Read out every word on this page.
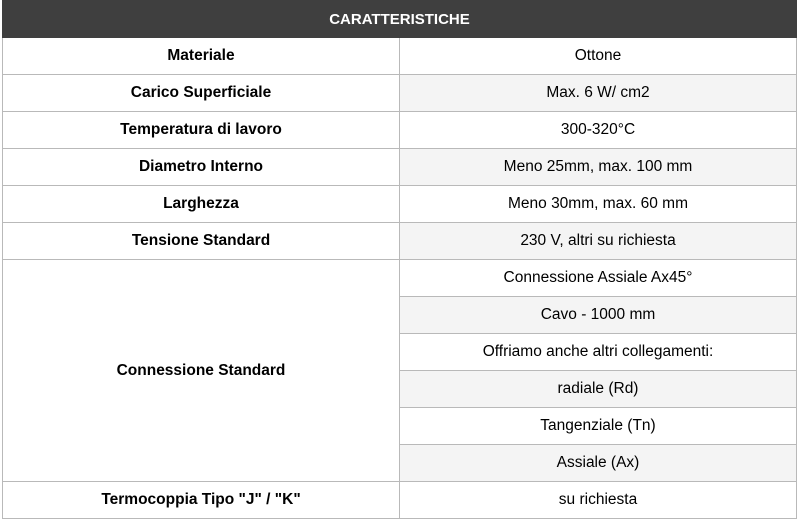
CARATTERISTICHE	
Materiale	Ottone
Carico Superficiale	Max. 6 W/ cm2
Temperatura di lavoro	300-320°C
Diametro Interno	Meno 25mm, max. 100 mm
Larghezza	Meno 30mm, max. 60 mm
Tensione Standard	230 V, altri su richiesta
Connessione Standard	Connessione Assiale Ax45°
	Cavo - 1000 mm
	Offriamo anche altri collegamenti:
	radiale (Rd)
	Tangenziale (Tn)
	Assiale (Ax)
Termocoppia Tipo "J" / "K"	su richiesta
